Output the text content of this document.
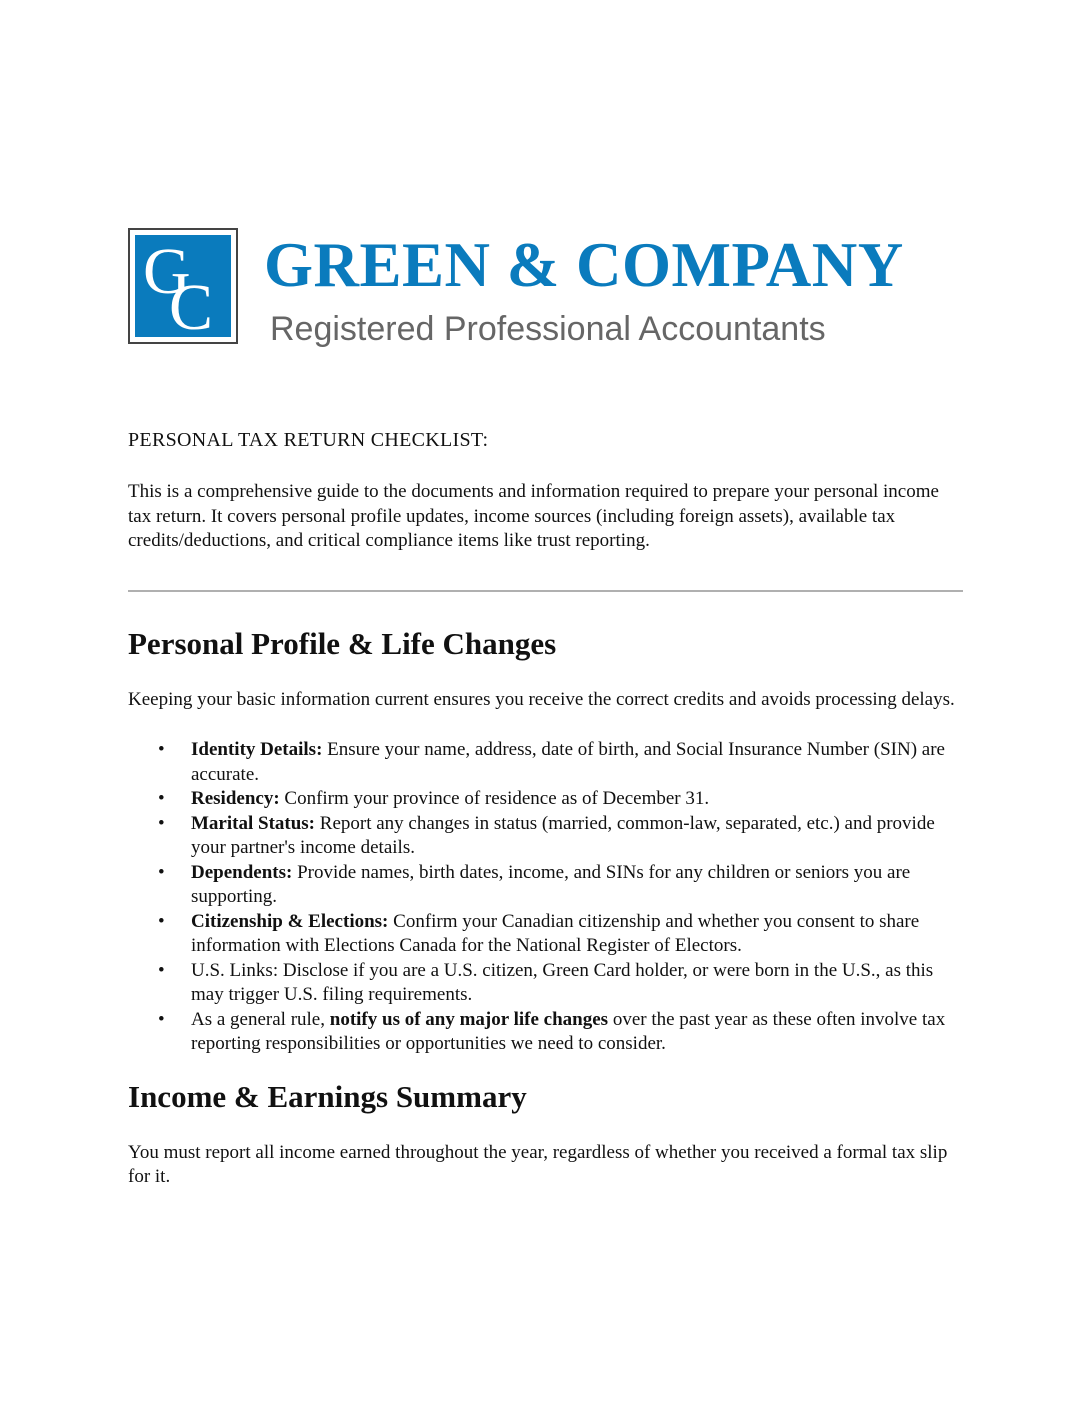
G
C
GREEN & COMPANY
Registered Professional Accountants
PERSONAL TAX RETURN CHECKLIST:

This is a comprehensive guide to the documents and information required to prepare your personal income tax return. It covers personal profile updates, income sources (including foreign assets), available tax credits/deductions, and critical compliance items like trust reporting.

Personal Profile & Life Changes

Keeping your basic information current ensures you receive the correct credits and avoids processing delays.

• Identity Details: Ensure your name, address, date of birth, and Social Insurance Number (SIN) are accurate.
• Residency: Confirm your province of residence as of December 31.
• Marital Status: Report any changes in status (married, common-law, separated, etc.) and provide your partner's income details.
• Dependents: Provide names, birth dates, income, and SINs for any children or seniors you are supporting.
• Citizenship & Elections: Confirm your Canadian citizenship and whether you consent to share information with Elections Canada for the National Register of Electors.
• U.S. Links: Disclose if you are a U.S. citizen, Green Card holder, or were born in the U.S., as this may trigger U.S. filing requirements.
• As a general rule, notify us of any major life changes over the past year as these often involve tax reporting responsibilities or opportunities we need to consider.
Income & Earnings Summary

You must report all income earned throughout the year, regardless of whether you received a formal tax slip for it.
